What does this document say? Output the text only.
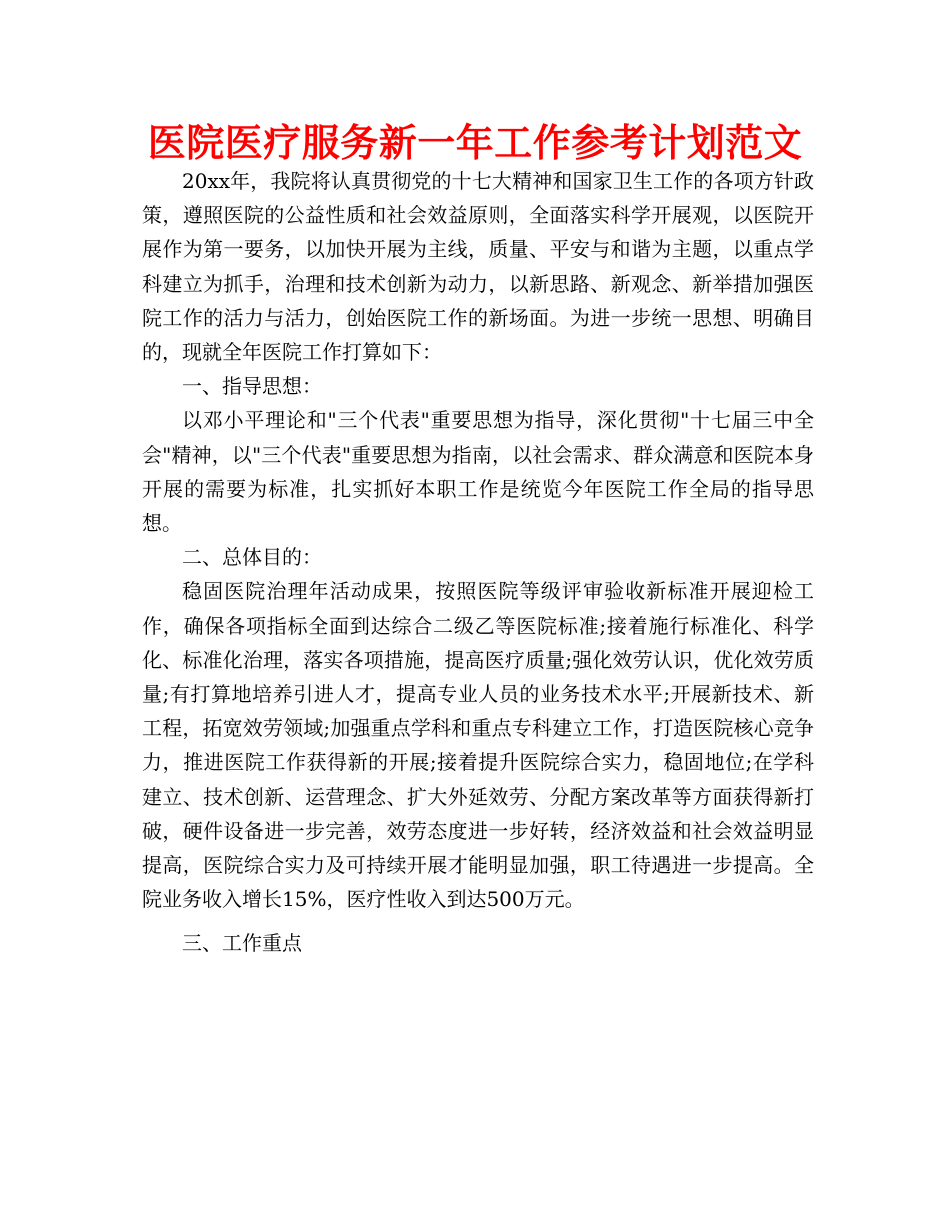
医院医疗服务新一年工作参考计划范文

20xx年，我院将认真贯彻党的十七大精神和国家卫生工作的各项方针政策，遵照医院的公益性质和社会效益原则，全面落实科学开展观，以医院开展作为第一要务，以加快开展为主线，质量、平安与和谐为主题，以重点学科建立为抓手，治理和技术创新为动力，以新思路、新观念、新举措加强医院工作的活力与活力，创始医院工作的新场面。为进一步统一思想、明确目的，现就全年医院工作打算如下：

一、指导思想：

以邓小平理论和"三个代表"重要思想为指导，深化贯彻"十七届三中全会"精神，以"三个代表"重要思想为指南，以社会需求、群众满意和医院本身开展的需要为标准，扎实抓好本职工作是统览今年医院工作全局的指导思想。

二、总体目的：

稳固医院治理年活动成果，按照医院等级评审验收新标准开展迎检工作，确保各项指标全面到达综合二级乙等医院标准;接着施行标准化、科学化、标准化治理，落实各项措施，提高医疗质量;强化效劳认识，优化效劳质量;有打算地培养引进人才，提高专业人员的业务技术水平;开展新技术、新工程，拓宽效劳领域;加强重点学科和重点专科建立工作，打造医院核心竞争力，推进医院工作获得新的开展;接着提升医院综合实力，稳固地位;在学科建立、技术创新、运营理念、扩大外延效劳、分配方案改革等方面获得新打破，硬件设备进一步完善，效劳态度进一步好转，经济效益和社会效益明显提高，医院综合实力及可持续开展才能明显加强，职工待遇进一步提高。全院业务收入增长15%，医疗性收入到达500万元。

三、工作重点
